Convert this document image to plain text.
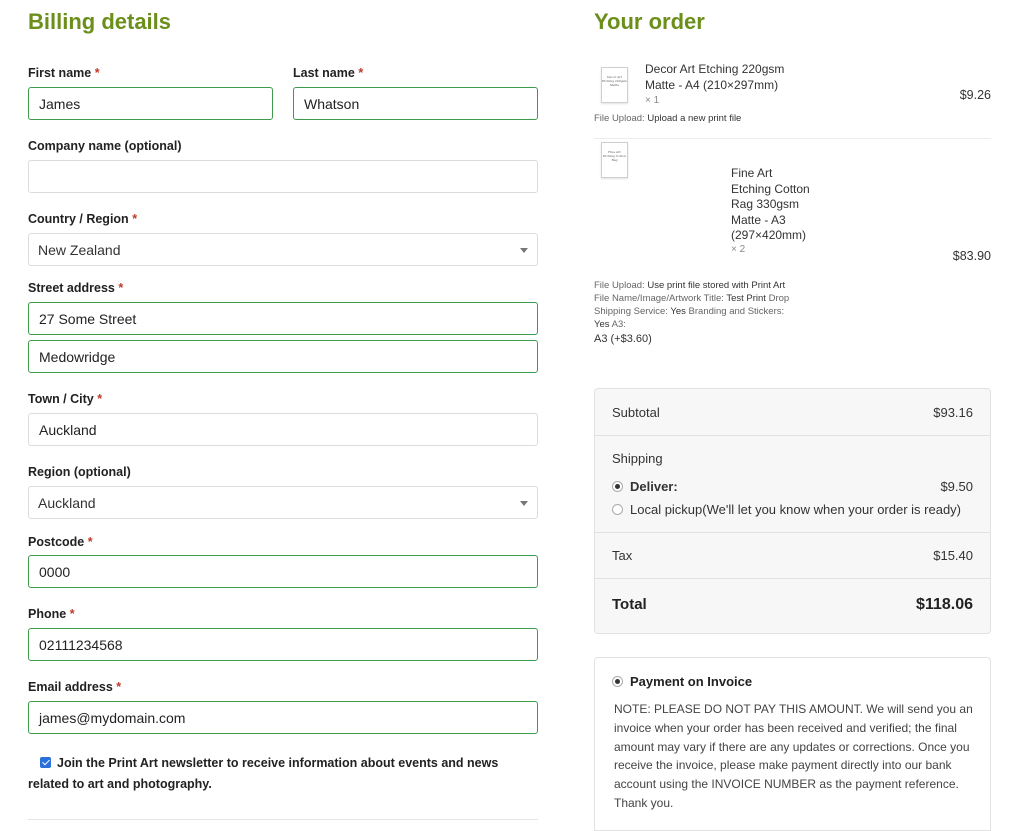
Billing details
First name *
James
Last name *
Whatson
Company name (optional)
Country / Region *
New Zealand
Street address *
27 Some Street
Medowridge
Town / City *
Auckland
Region (optional)
Auckland
Postcode *
0000
Phone *
02111234568
Email address *
james@mydomain.com
Join the Print Art newsletter to receive information about events and news related to art and photography.
Your order
Decor Art Etching 220gsm Matte
Decor Art Etching 220gsm Matte - A4 (210×297mm)
× 1	$9.26
File Upload: Upload a new print file
Fine Art Etching Cotton Rag
Fine Art Etching Cotton Rag 330gsm Matte - A3 (297×420mm)
× 2	$83.90
File Upload: Use print file stored with Print Art File Name/Image/Artwork Title: Test Print Drop Shipping Service: Yes Branding and Stickers: Yes A3:
A3 (+$3.60)
Subtotal	$93.16
Shipping
Deliver:	$9.50
Local pickup(We'll let you know when your order is ready)
Tax	$15.40
Total	$118.06
Payment on Invoice
NOTE: PLEASE DO NOT PAY THIS AMOUNT. We will send you an invoice when your order has been received and verified; the final amount may vary if there are any updates or corrections. Once you receive the invoice, please make payment directly into our bank account using the INVOICE NUMBER as the payment reference. Thank you.
